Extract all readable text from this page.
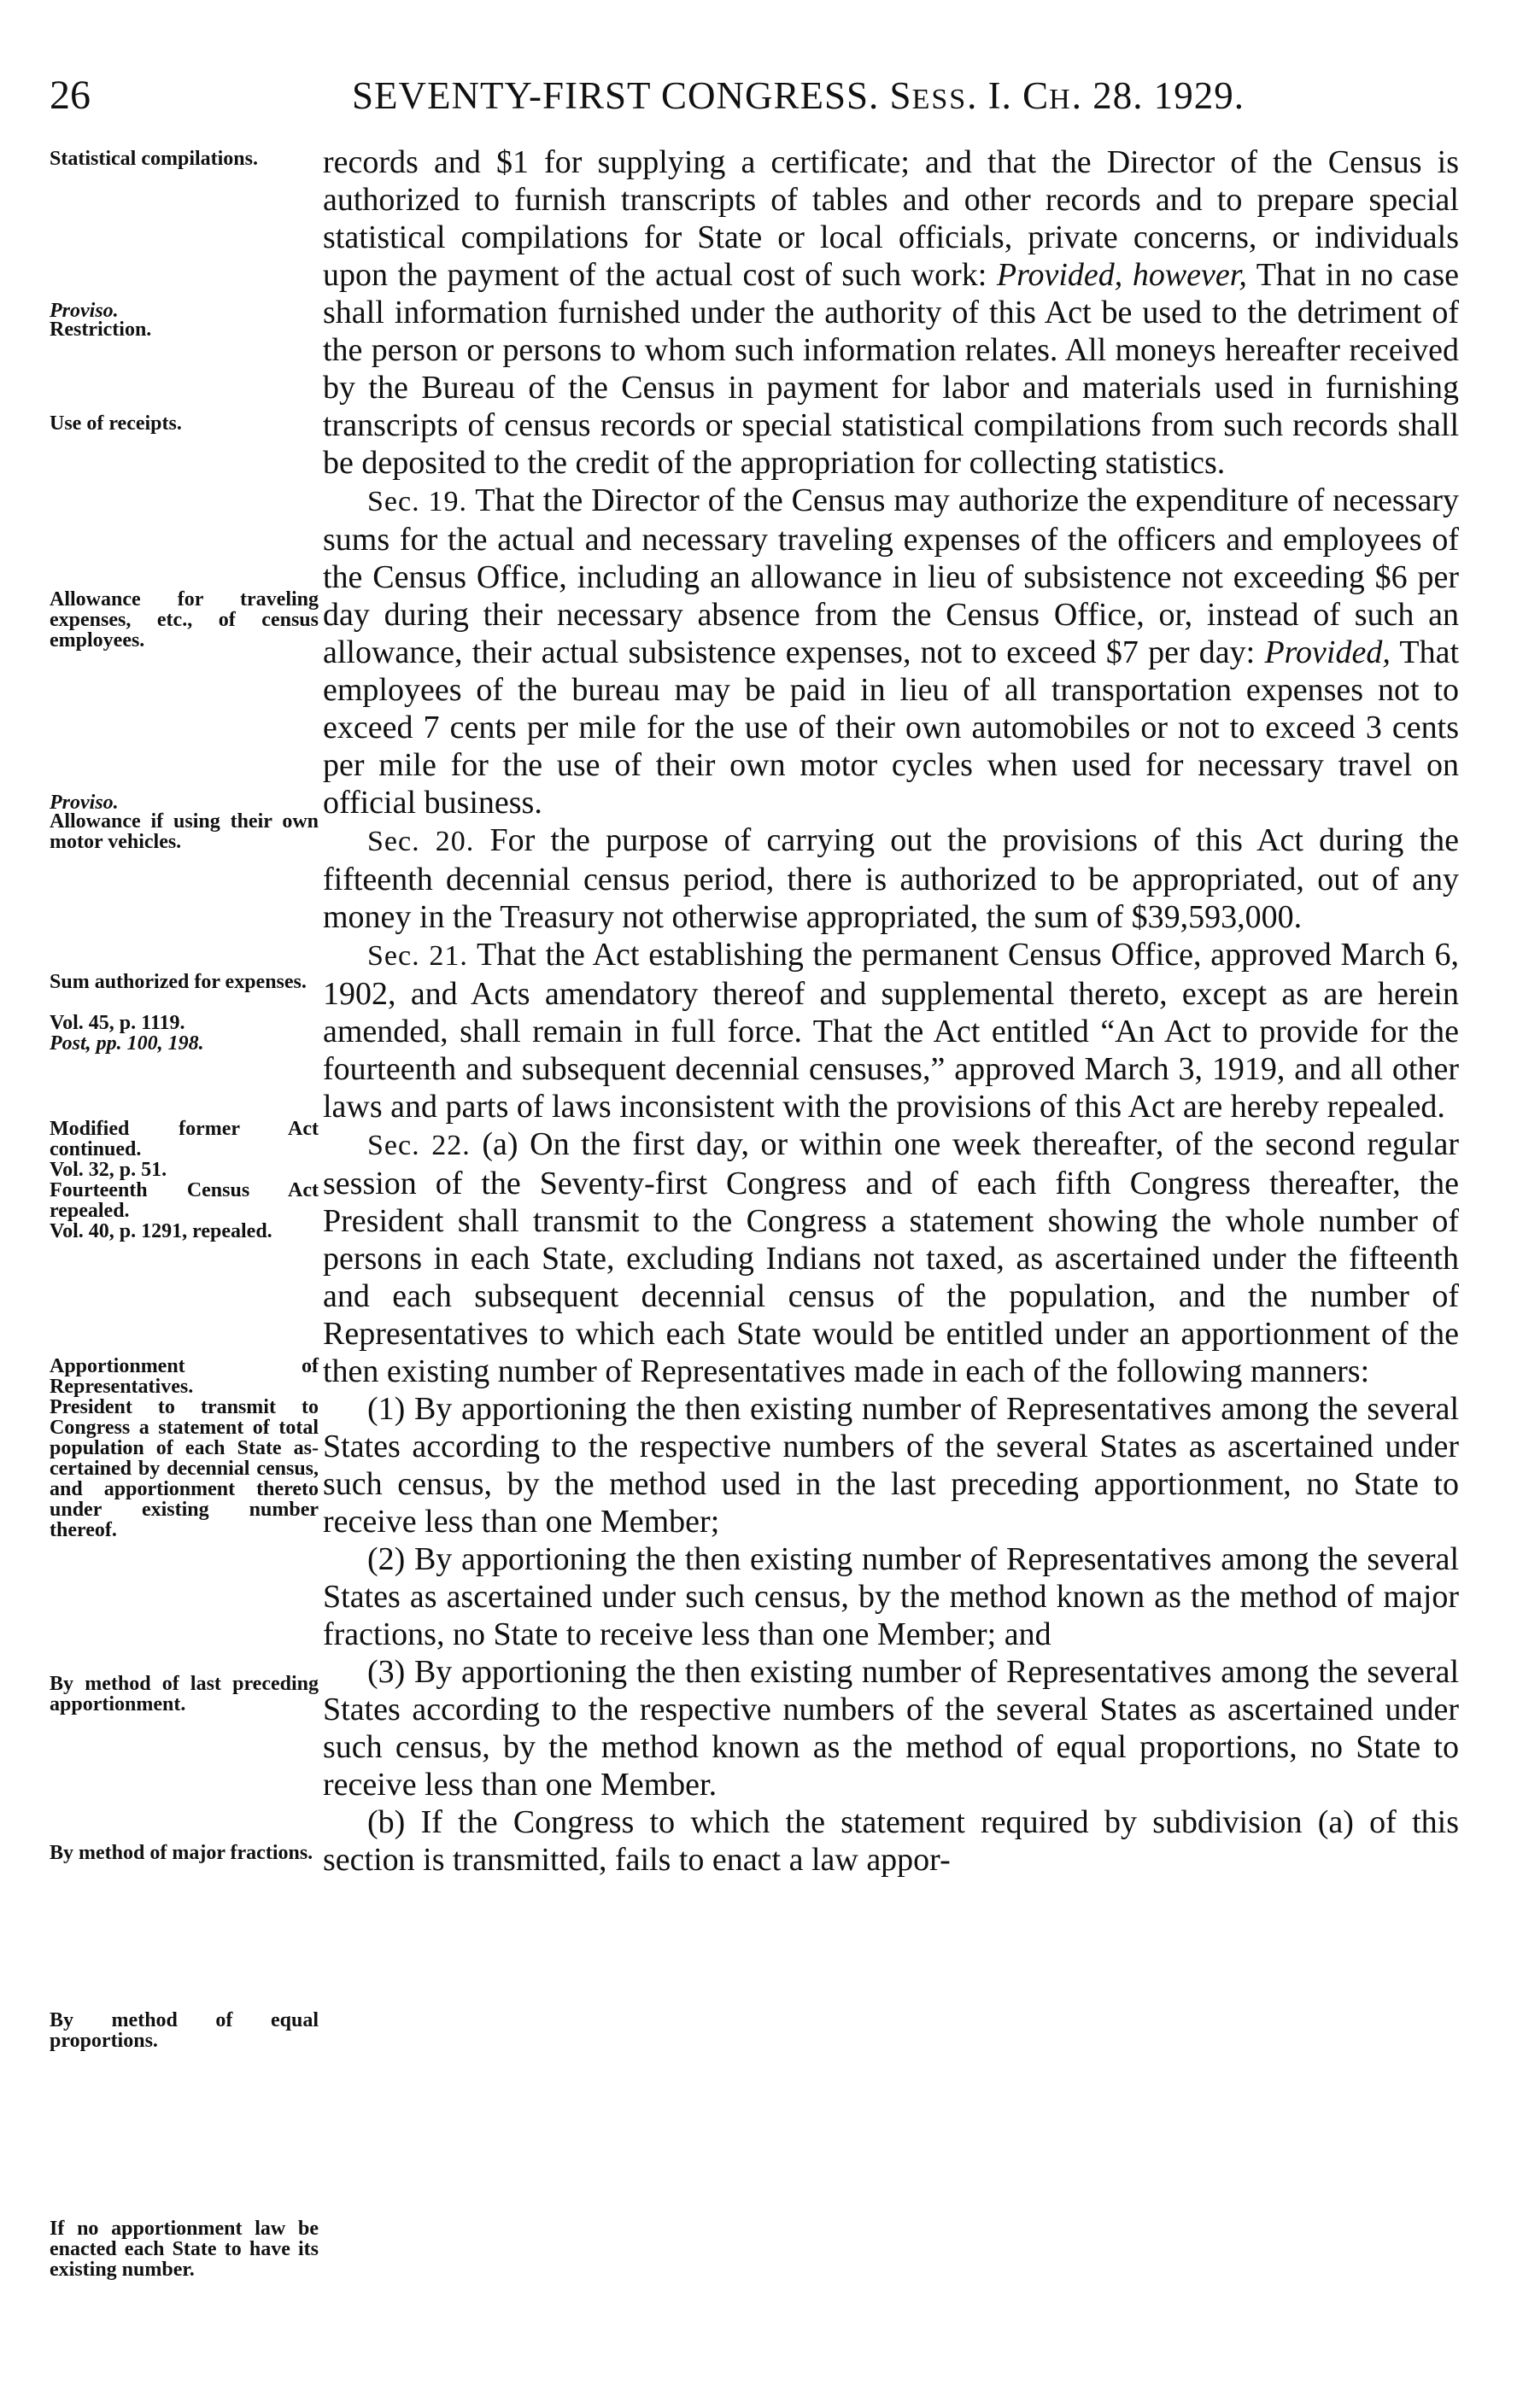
26	SEVENTY-FIRST CONGRESS. SESS. I. CH. 28. 1929.
Statistical compilations.
Proviso.
Restriction.
Use of receipts.
Allowance for traveling expenses, etc., of census employees.
Proviso.
Allowance if using their own motor vehicles.
Sum authorized for expenses.
Vol. 45, p. 1119.
Post, pp. 100, 198.
Modified former Act continued.
Vol. 32, p. 51.
Fourteenth Census Act repealed.
Vol. 40, p. 1291, repealed.
Apportionment of Representatives.
President to transmit to Congress a statement of total population of each State ascertained by decennial census, and apportionment thereto under existing number thereof.
By method of last preceding apportionment.
By method of major fractions.
By method of equal proportions.
If no apportionment law be enacted each State to have its existing number.

records and $1 for supplying a certificate; and that the Director of the Census is authorized to furnish transcripts of tables and other records and to prepare special statistical compilations for State or local officials, private concerns, or individuals upon the payment of the actual cost of such work: Provided, however, That in no case shall information furnished under the authority of this Act be used to the detriment of the person or persons to whom such information relates. All moneys hereafter received by the Bureau of the Census in payment for labor and materials used in furnishing transcripts of census records or special statistical compilations from such records shall be deposited to the credit of the appropriation for collecting statistics.

Sec. 19. That the Director of the Census may authorize the expenditure of necessary sums for the actual and necessary traveling expenses of the officers and employees of the Census Office, including an allowance in lieu of subsistence not exceeding $6 per day during their necessary absence from the Census Office, or, instead of such an allowance, their actual subsistence expenses, not to exceed $7 per day: Provided, That employees of the bureau may be paid in lieu of all transportation expenses not to exceed 7 cents per mile for the use of their own automobiles or not to exceed 3 cents per mile for the use of their own motor cycles when used for necessary travel on official business.

Sec. 20. For the purpose of carrying out the provisions of this Act during the fifteenth decennial census period, there is authorized to be appropriated, out of any money in the Treasury not otherwise appropriated, the sum of $39,593,000.

Sec. 21. That the Act establishing the permanent Census Office, approved March 6, 1902, and Acts amendatory thereof and supplemental thereto, except as are herein amended, shall remain in full force. That the Act entitled “An Act to provide for the fourteenth and subsequent decennial censuses,” approved March 3, 1919, and all other laws and parts of laws inconsistent with the provisions of this Act are hereby repealed.

Sec. 22. (a) On the first day, or within one week thereafter, of the second regular session of the Seventy-first Congress and of each fifth Congress thereafter, the President shall transmit to the Congress a statement showing the whole number of persons in each State, excluding Indians not taxed, as ascertained under the fifteenth and each subsequent decennial census of the population, and the number of Representatives to which each State would be entitled under an apportionment of the then existing number of Representatives made in each of the following manners:

(1) By apportioning the then existing number of Representatives among the several States according to the respective numbers of the several States as ascertained under such census, by the method used in the last preceding apportionment, no State to receive less than one Member;

(2) By apportioning the then existing number of Representatives among the several States as ascertained under such census, by the method known as the method of major fractions, no State to receive less than one Member; and

(3) By apportioning the then existing number of Representatives among the several States according to the respective numbers of the several States as ascertained under such census, by the method known as the method of equal proportions, no State to receive less than one Member.

(b) If the Congress to which the statement required by subdivision (a) of this section is transmitted, fails to enact a law appor-
